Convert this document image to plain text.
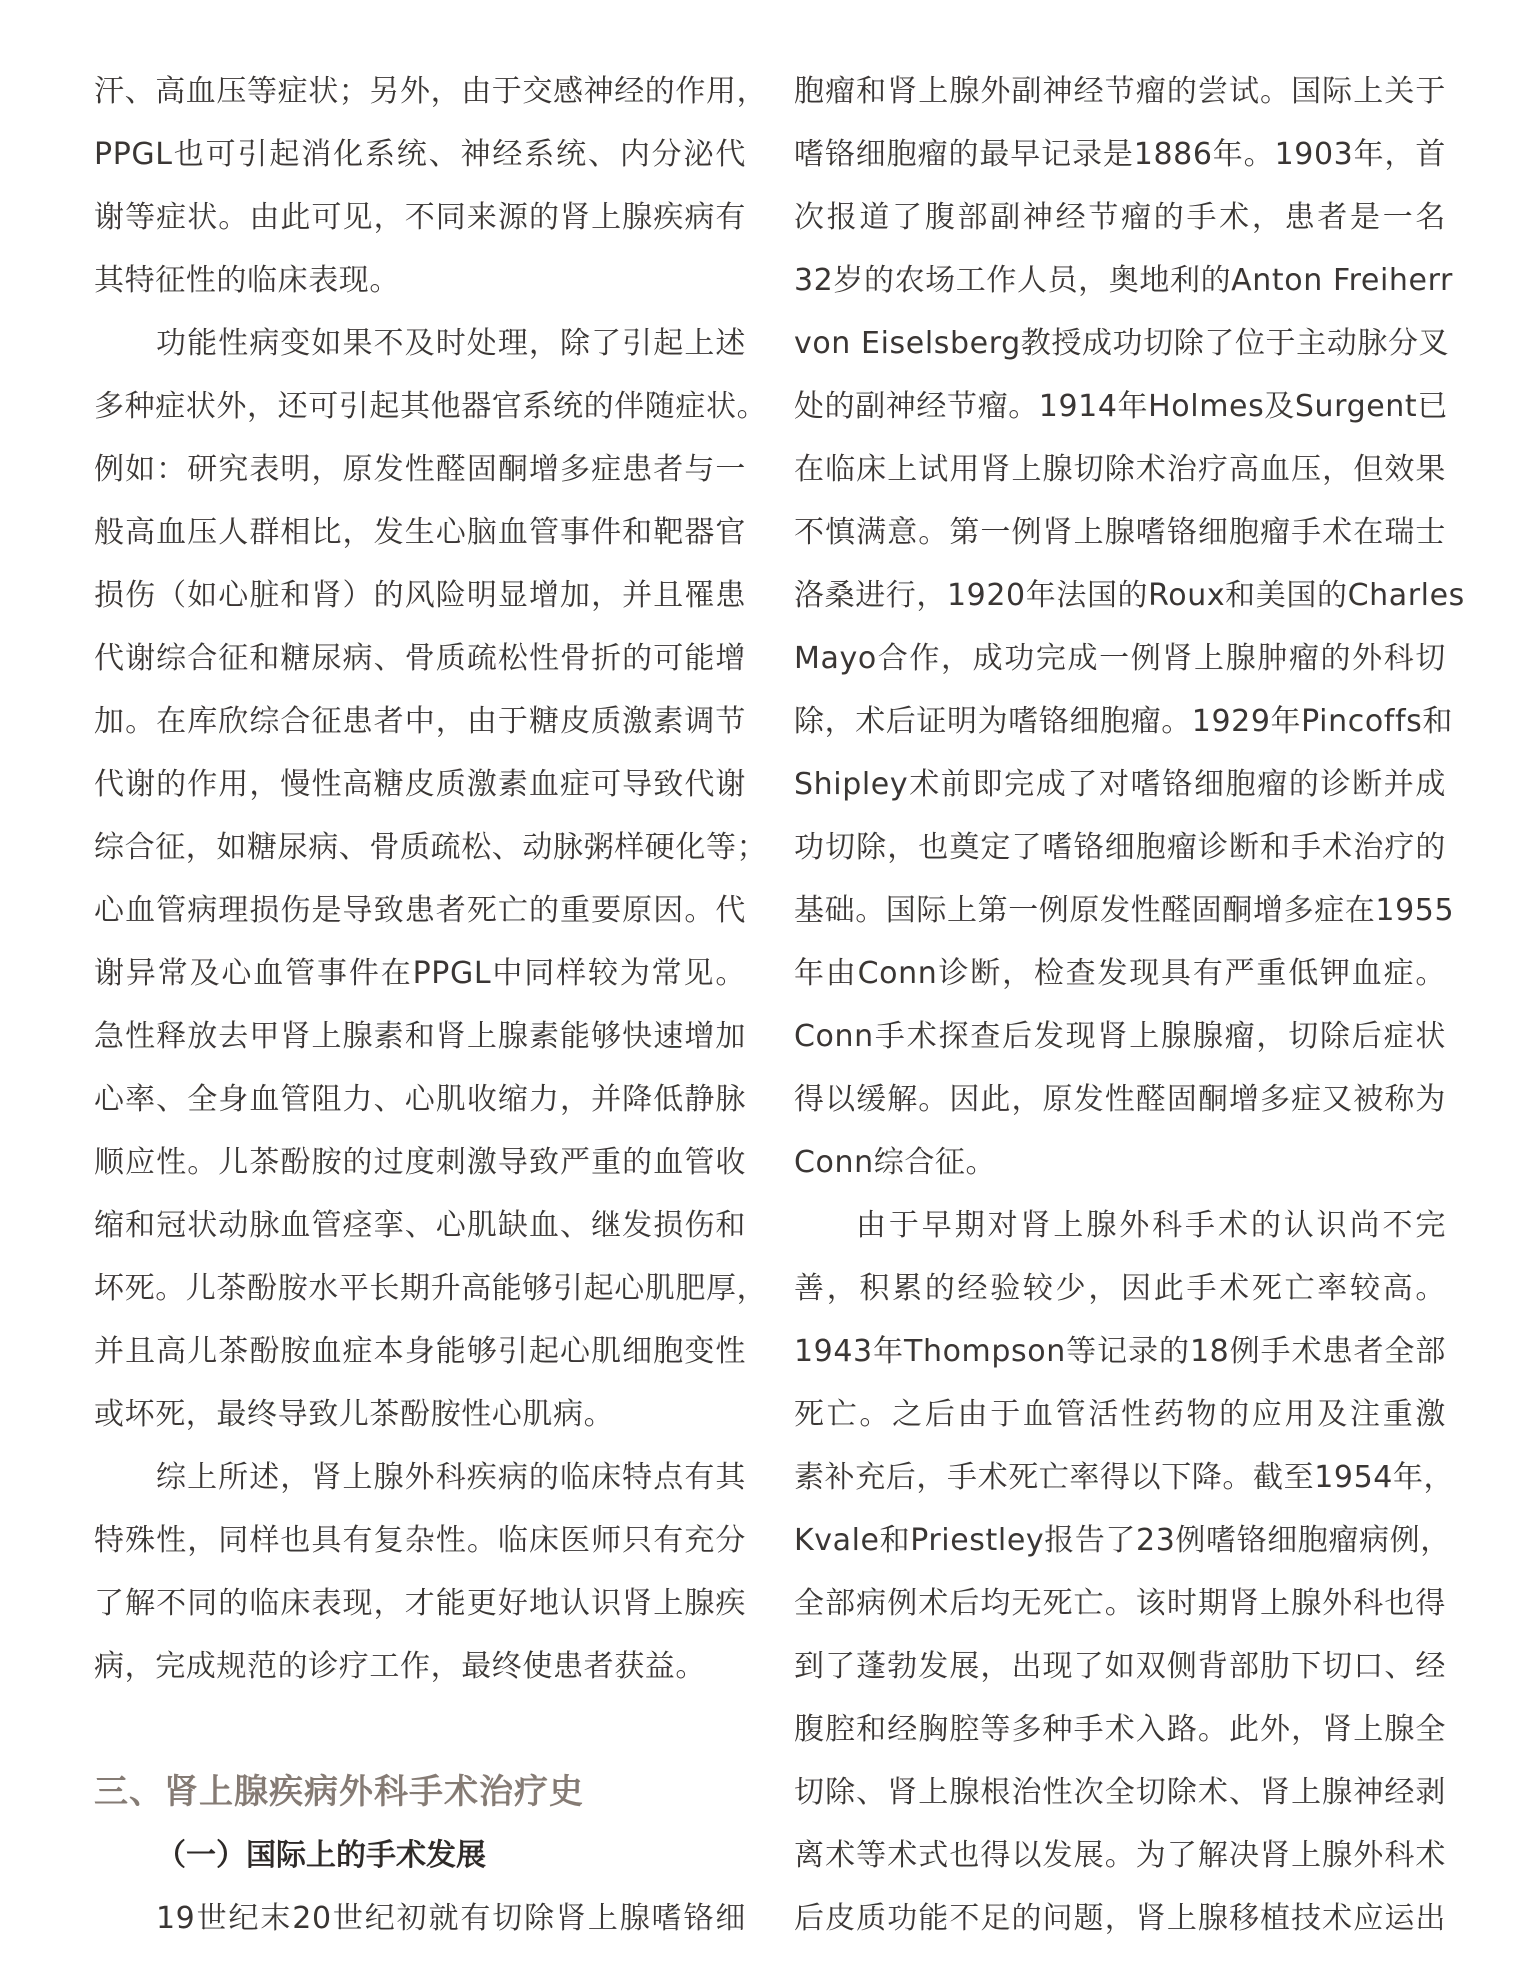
汗、高血压等症状；另外，由于交感神经的作用，
PPGL也可引起消化系统、神经系统、内分泌代
谢等症状。由此可见，不同来源的肾上腺疾病有
其特征性的临床表现。
功能性病变如果不及时处理，除了引起上述
多种症状外，还可引起其他器官系统的伴随症状。
例如：研究表明，原发性醛固酮增多症患者与一
般高血压人群相比，发生心脑血管事件和靶器官
损伤（如心脏和肾）的风险明显增加，并且罹患
代谢综合征和糖尿病、骨质疏松性骨折的可能增
加。在库欣综合征患者中，由于糖皮质激素调节
代谢的作用，慢性高糖皮质激素血症可导致代谢
综合征，如糖尿病、骨质疏松、动脉粥样硬化等；
心血管病理损伤是导致患者死亡的重要原因。代
谢异常及心血管事件在PPGL中同样较为常见。
急性释放去甲肾上腺素和肾上腺素能够快速增加
心率、全身血管阻力、心肌收缩力，并降低静脉
顺应性。儿茶酚胺的过度刺激导致严重的血管收
缩和冠状动脉血管痉挛、心肌缺血、继发损伤和
坏死。儿茶酚胺水平长期升高能够引起心肌肥厚，
并且高儿茶酚胺血症本身能够引起心肌细胞变性
或坏死，最终导致儿茶酚胺性心肌病。
综上所述，肾上腺外科疾病的临床特点有其
特殊性，同样也具有复杂性。临床医师只有充分
了解不同的临床表现，才能更好地认识肾上腺疾
病，完成规范的诊疗工作，最终使患者获益。
三、肾上腺疾病外科手术治疗史
（一）国际上的手术发展
19世纪末20世纪初就有切除肾上腺嗜铬细
胞瘤和肾上腺外副神经节瘤的尝试。国际上关于
嗜铬细胞瘤的最早记录是1886年。1903年，首
次报道了腹部副神经节瘤的手术，患者是一名
32岁的农场工作人员，奥地利的Anton Freiherr
von Eiselsberg教授成功切除了位于主动脉分叉
处的副神经节瘤。1914年Holmes及Surgent已
在临床上试用肾上腺切除术治疗高血压，但效果
不慎满意。第一例肾上腺嗜铬细胞瘤手术在瑞士
洛桑进行，1920年法国的Roux和美国的Charles
Mayo合作，成功完成一例肾上腺肿瘤的外科切
除，术后证明为嗜铬细胞瘤。1929年Pincoffs和
Shipley术前即完成了对嗜铬细胞瘤的诊断并成
功切除，也奠定了嗜铬细胞瘤诊断和手术治疗的
基础。国际上第一例原发性醛固酮增多症在1955
年由Conn诊断，检查发现具有严重低钾血症。
Conn手术探查后发现肾上腺腺瘤，切除后症状
得以缓解。因此，原发性醛固酮增多症又被称为
Conn综合征。
由于早期对肾上腺外科手术的认识尚不完
善，积累的经验较少，因此手术死亡率较高。
1943年Thompson等记录的18例手术患者全部
死亡。之后由于血管活性药物的应用及注重激
素补充后，手术死亡率得以下降。截至1954年，
Kvale和Priestley报告了23例嗜铬细胞瘤病例，
全部病例术后均无死亡。该时期肾上腺外科也得
到了蓬勃发展，出现了如双侧背部肋下切口、经
腹腔和经胸腔等多种手术入路。此外，肾上腺全
切除、肾上腺根治性次全切除术、肾上腺神经剥
离术等术式也得以发展。为了解决肾上腺外科术
后皮质功能不足的问题，肾上腺移植技术应运出
